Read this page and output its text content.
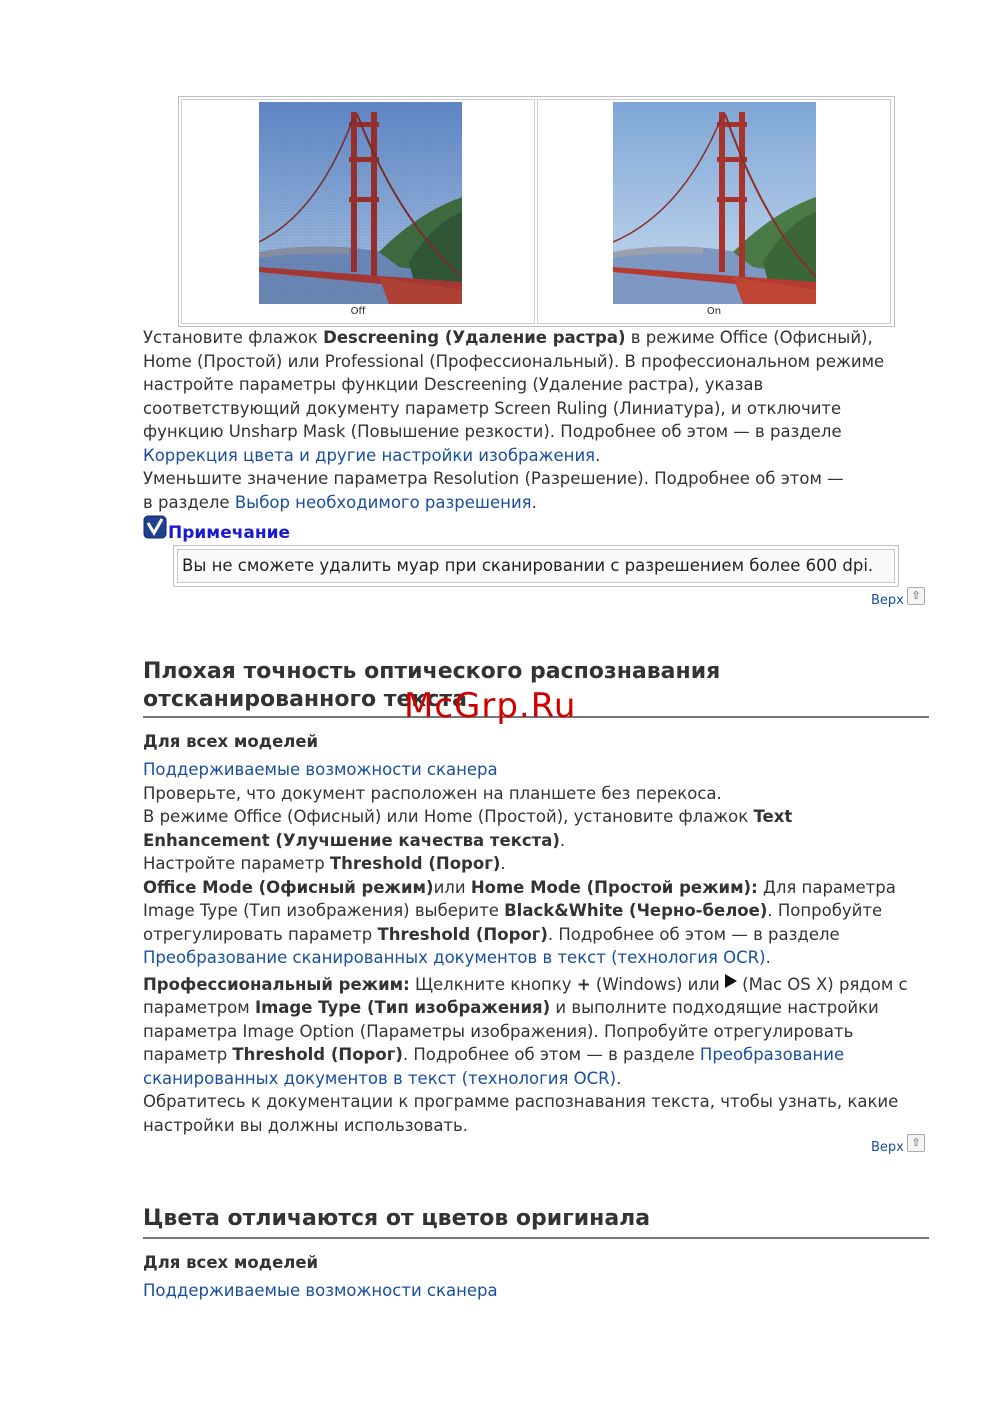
Off	On
Установите флажок Descreening (Удаление растра) в режиме Office (Офисный),
Home (Простой) или Professional (Профессиональный). В профессиональном режиме
настройте параметры функции Descreening (Удаление растра), указав
соответствующий документу параметр Screen Ruling (Линиатура), и отключите
функцию Unsharp Mask (Повышение резкости). Подробнее об этом — в разделе
Коррекция цвета и другие настройки изображения.
Уменьшите значение параметра Resolution (Разрешение). Подробнее об этом —
в разделе Выбор необходимого разрешения.
Примечание
Вы не сможете удалить муар при сканировании с разрешением более 600 dpi.
Верх ⇧
Плохая точность оптического распознавания
отсканированного текста
Для всех моделей
Поддерживаемые возможности сканера
Проверьте, что документ расположен на планшете без перекоса.
В режиме Office (Офисный) или Home (Простой), установите флажок Text
Enhancement (Улучшение качества текста).
Настройте параметр Threshold (Порог).
Office Mode (Офисный режим)или Home Mode (Простой режим): Для параметра
Image Type (Тип изображения) выберите Black&White (Черно-белое). Попробуйте
отрегулировать параметр Threshold (Порог). Подробнее об этом — в разделе
Преобразование сканированных документов в текст (технология OCR).
Профессиональный режим: Щелкните кнопку + (Windows) или  (Mac OS X) рядом с
параметром Image Type (Тип изображения) и выполните подходящие настройки
параметра Image Option (Параметры изображения). Попробуйте отрегулировать
параметр Threshold (Порог). Подробнее об этом — в разделе Преобразование
сканированных документов в текст (технология OCR).
Обратитесь к документации к программе распознавания текста, чтобы узнать, какие
настройки вы должны использовать.
Верх ⇧
Цвета отличаются от цветов оригинала
Для всех моделей
Поддерживаемые возможности сканера
McGrp.Ru
